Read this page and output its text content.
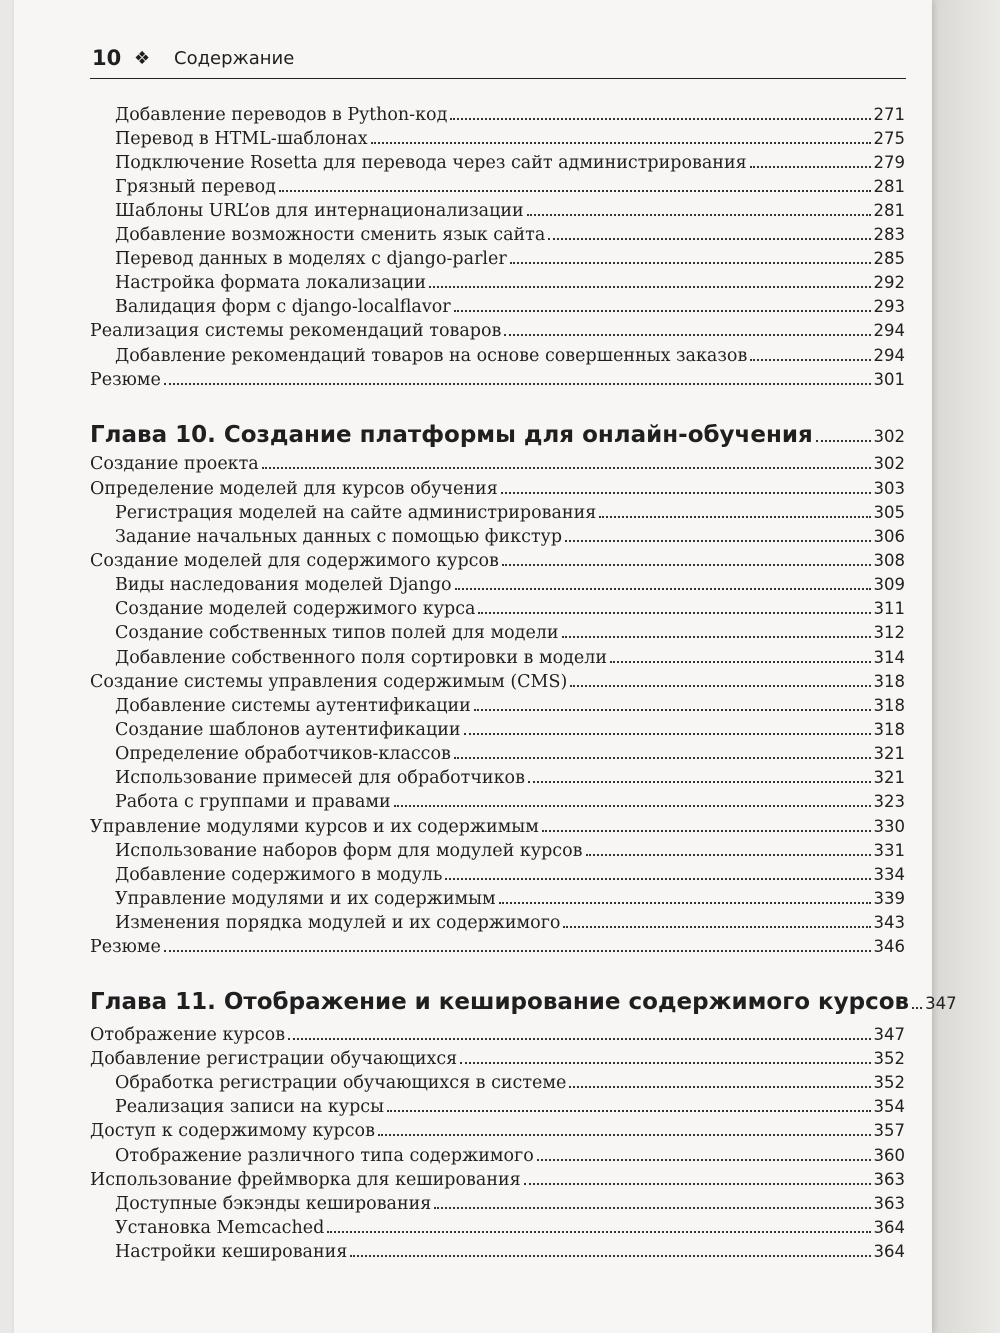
10 ❖ Содержание
Добавление переводов в Python-код	271
Перевод в HTML-шаблонах	275
Подключение Rosetta для перевода через сайт администрирования	279
Грязный перевод	281
Шаблоны URL’ов для интернационализации	281
Добавление возможности сменить язык сайта	283
Перевод данных в моделях с django-parler	285
Настройка формата локализации	292
Валидация форм с django-localflavor	293
Реализация системы рекомендаций товаров	294
Добавление рекомендаций товаров на основе совершенных заказов	294
Резюме	301
Глава 10. Создание платформы для онлайн-обучения	302
Создание проекта	302
Определение моделей для курсов обучения	303
Регистрация моделей на сайте администрирования	305
Задание начальных данных с помощью фикстур	306
Создание моделей для содержимого курсов	308
Виды наследования моделей Django	309
Создание моделей содержимого курса	311
Создание собственных типов полей для модели	312
Добавление собственного поля сортировки в модели	314
Создание системы управления содержимым (CMS)	318
Добавление системы аутентификации	318
Создание шаблонов аутентификации	318
Определение обработчиков-классов	321
Использование примесей для обработчиков	321
Работа с группами и правами	323
Управление модулями курсов и их содержимым	330
Использование наборов форм для модулей курсов	331
Добавление содержимого в модуль	334
Управление модулями и их содержимым	339
Изменения порядка модулей и их содержимого	343
Резюме	346
Глава 11. Отображение и кеширование содержимого курсов 347
Отображение курсов	347
Добавление регистрации обучающихся	352
Обработка регистрации обучающихся в системе	352
Реализация записи на курсы	354
Доступ к содержимому курсов	357
Отображение различного типа содержимого	360
Использование фреймворка для кеширования	363
Доступные бэкэнды кеширования	363
Установка Memcached	364
Настройки кеширования	364
